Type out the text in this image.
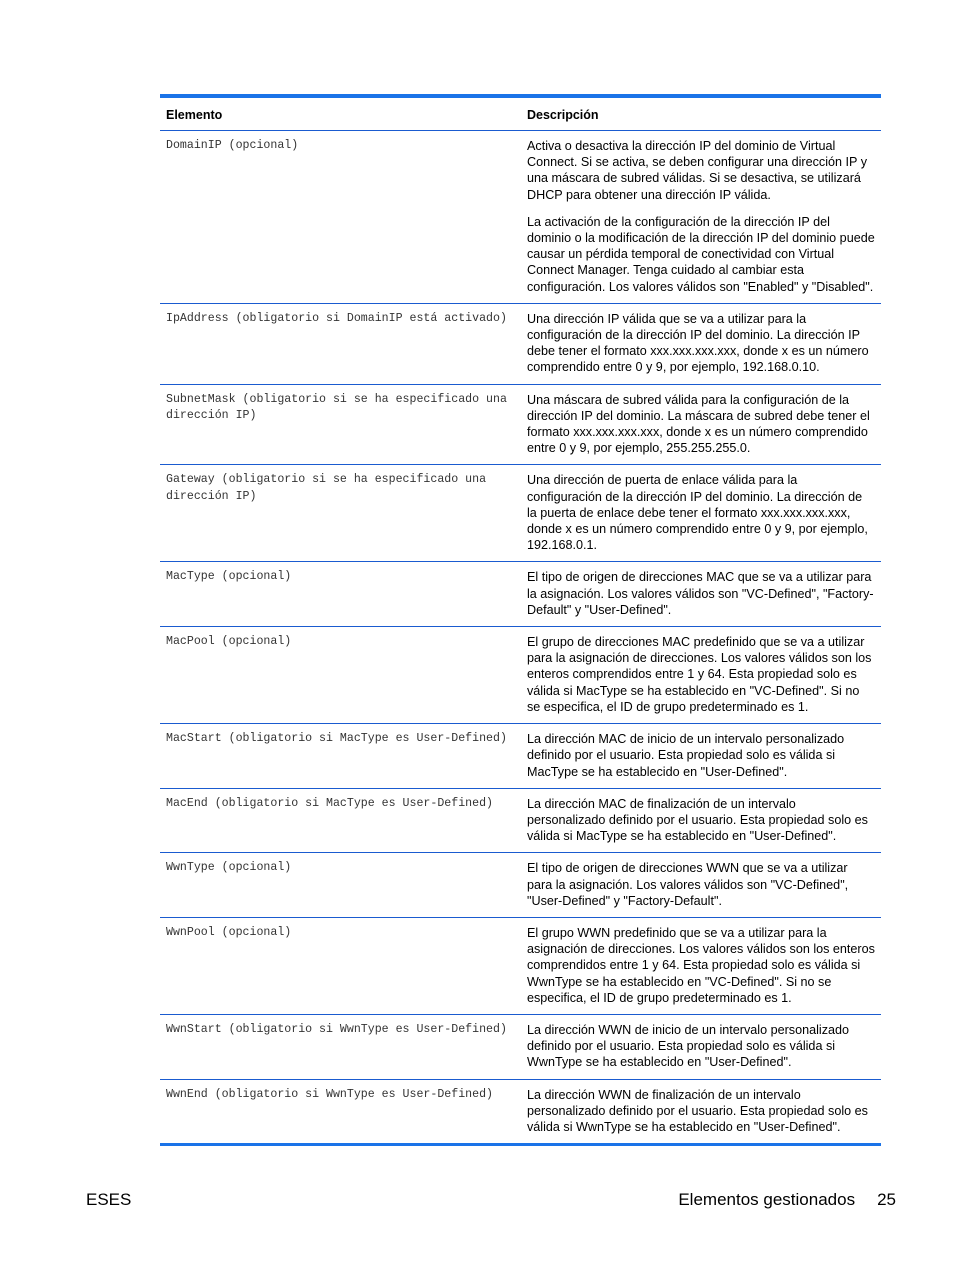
Elemento	Descripción
DomainIP (opcional)	Activa o desactiva la dirección IP del dominio de Virtual Connect. Si se activa, se deben configurar una dirección IP y una máscara de subred válidas. Si se desactiva, se utilizará DHCP para obtener una dirección IP válida.

La activación de la configuración de la dirección IP del dominio o la modificación de la dirección IP del dominio puede causar un pérdida temporal de conectividad con Virtual Connect Manager. Tenga cuidado al cambiar esta configuración. Los valores válidos son "Enabled" y "Disabled".

IpAddress (obligatorio si DomainIP está activado)	Una dirección IP válida que se va a utilizar para la configuración de la dirección IP del dominio. La dirección IP debe tener el formato xxx.xxx.xxx.xxx, donde x es un número comprendido entre 0 y 9, por ejemplo, 192.168.0.10.

SubnetMask (obligatorio si se ha especificado una dirección IP)	Una máscara de subred válida para la configuración de la dirección IP del dominio. La máscara de subred debe tener el formato xxx.xxx.xxx.xxx, donde x es un número comprendido entre 0 y 9, por ejemplo, 255.255.255.0.

Gateway (obligatorio si se ha especificado una dirección IP)	Una dirección de puerta de enlace válida para la configuración de la dirección IP del dominio. La dirección de la puerta de enlace debe tener el formato xxx.xxx.xxx.xxx, donde x es un número comprendido entre 0 y 9, por ejemplo, 192.168.0.1.

MacType (opcional)	El tipo de origen de direcciones MAC que se va a utilizar para la asignación. Los valores válidos son "VC-Defined", "Factory-Default" y "User-Defined".

MacPool (opcional)	El grupo de direcciones MAC predefinido que se va a utilizar para la asignación de direcciones. Los valores válidos son los enteros comprendidos entre 1 y 64. Esta propiedad solo es válida si MacType se ha establecido en "VC-Defined". Si no se especifica, el ID de grupo predeterminado es 1.

MacStart (obligatorio si MacType es User-Defined)	La dirección MAC de inicio de un intervalo personalizado definido por el usuario. Esta propiedad solo es válida si MacType se ha establecido en "User-Defined".

MacEnd (obligatorio si MacType es User-Defined)	La dirección MAC de finalización de un intervalo personalizado definido por el usuario. Esta propiedad solo es válida si MacType se ha establecido en "User-Defined".

WwnType (opcional)	El tipo de origen de direcciones WWN que se va a utilizar para la asignación. Los valores válidos son "VC-Defined", "User-Defined" y "Factory-Default".

WwnPool (opcional)	El grupo WWN predefinido que se va a utilizar para la asignación de direcciones. Los valores válidos son los enteros comprendidos entre 1 y 64. Esta propiedad solo es válida si WwnType se ha establecido en "VC-Defined". Si no se especifica, el ID de grupo predeterminado es 1.

WwnStart (obligatorio si WwnType es User-Defined)	La dirección WWN de inicio de un intervalo personalizado definido por el usuario. Esta propiedad solo es válida si WwnType se ha establecido en "User-Defined".

WwnEnd (obligatorio si WwnType es User-Defined)	La dirección WWN de finalización de un intervalo personalizado definido por el usuario. Esta propiedad solo es válida si WwnType se ha establecido en "User-Defined".

ESES	Elementos gestionados 25
